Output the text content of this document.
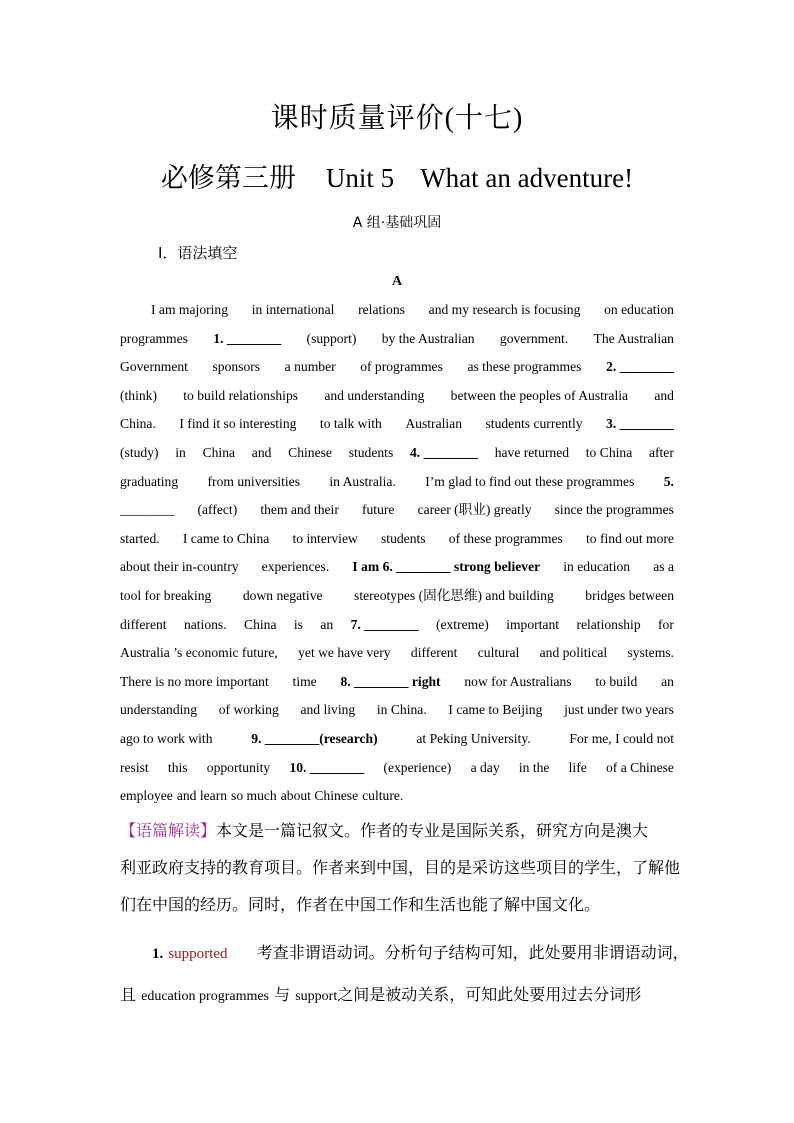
课时质量评价(十七)
必修第三册 Unit 5 What an adventure!
A 组·基础巩固
Ⅰ．语法填空
A
I am majoring in international relations and my research is focusing on education
programmes 1. ________ (support) by the Australian government. The Australian
Government sponsors a number of programmes as these programmes 2. ________
(think) to build relationships and understanding between the peoples of Australia and
China. I find it so interesting to talk with Australian students currently 3. ________
(study) in China and Chinese students 4. ________ have returned to China after
graduating from universities in Australia. I’m glad to find out these programmes 5.
________ (affect) them and their future career (职业) greatly since the programmes
started. I came to China to interview students of these programmes to find out more
about their in-country experiences. I am 6. ________ strong believer in education as a
tool for breaking down negative stereotypes (固化思维) and building bridges between
different nations. China is an 7. ________ (extreme) important relationship for
Australia ’s economic future, yet we have very different cultural and political systems.
There is no more important time 8. ________ right now for Australians to build an
understanding of working and living in China. I came to Beijing just under two years
ago to work with	9. ________(research)	at Peking University.	For me, I could not
resist this opportunity 10. ________ (experience) a day in the life of a Chinese
employee and learn so much about Chinese culture.
【语篇解读】本文是一篇记叙文。作者的专业是国际关系，研究方向是澳大
利亚政府支持的教育项目。作者来到中国，目的是采访这些项目的学生，了解他
们在中国的经历。同时，作者在中国工作和生活也能了解中国文化。
1. supported 考查非谓语动词。分析句子结构可知，此处要用非谓语动词，
且 education programmes 与 support之间是被动关系，可知此处要用过去分词形
